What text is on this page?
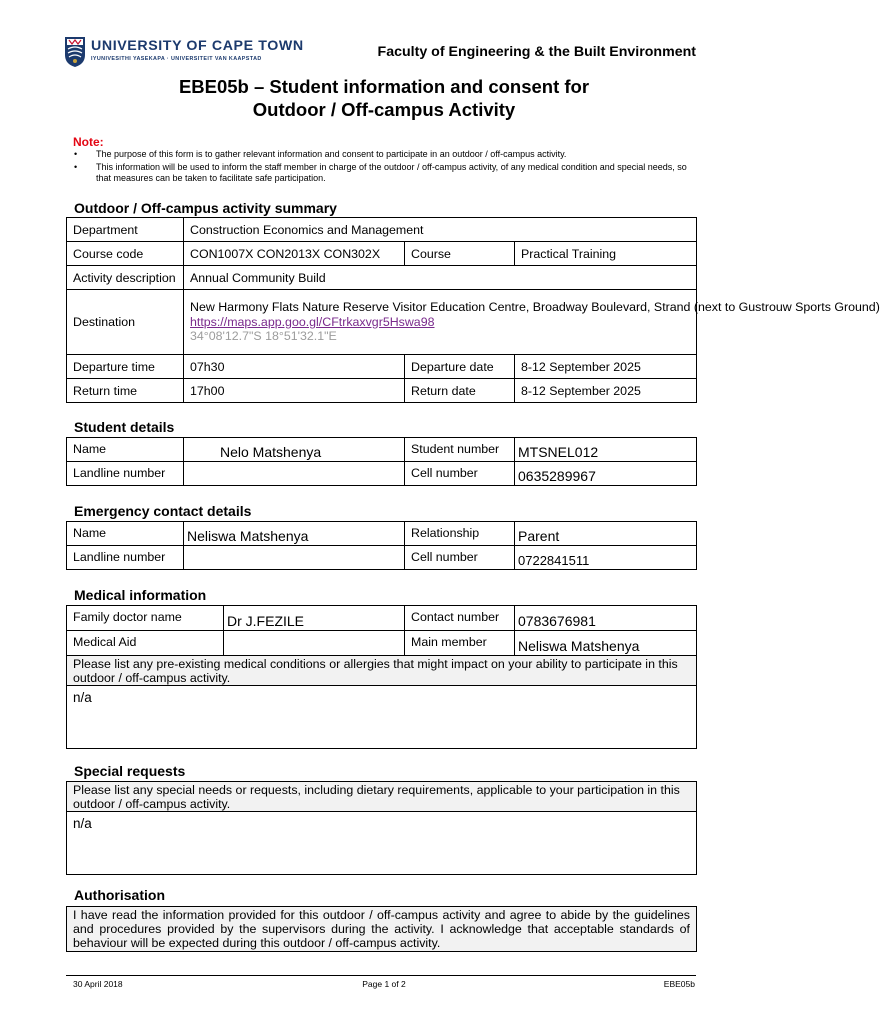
UNIVERSITY OF CAPE TOWN
IYUNIVESITHI YASEKAPA · UNIVERSITEIT VAN KAAPSTAD	Faculty of Engineering & the Built Environment
EBE05b – Student information and consent for
Outdoor / Off-campus Activity
Note:
• The purpose of this form is to gather relevant information and consent to participate in an outdoor / off-campus activity.
• This information will be used to inform the staff member in charge of the outdoor / off-campus activity, of any medical condition and special needs, so that measures can be taken to facilitate safe participation.
Outdoor / Off-campus activity summary
Department	Construction Economics and Management		
Course code	CON1007X CON2013X CON302X	Course	Practical Training
Activity description	Annual Community Build		
Destination	New Harmony Flats Nature Reserve Visitor Education Centre, Broadway Boulevard, Strand (next to Gustrouw Sports Ground)
https://maps.app.goo.gl/CFtrkaxvgr5Hswa98
34°08'12.7"S 18°51'32.1"E		

Departure time	07h30	Departure date	8-12 September 2025
Return time	17h00	Return date	8-12 September 2025
Student details
Name	Nelo Matshenya	Student number	MTSNEL012
Landline number		Cell number	0635289967
Emergency contact details
Name	Neliswa Matshenya	Relationship	Parent
Landline number		Cell number	0722841511
Medical information
Family doctor name	Dr J.FEZILE	Contact number	0783676981
Medical Aid		Main member	Neliswa Matshenya
Please list any pre-existing medical conditions or allergies that might impact on your ability to participate in this outdoor / off-campus activity.			
n/a			
Special requests
Please list any special needs or requests, including dietary requirements, applicable to your participation in this outdoor / off-campus activity.
n/a
Authorisation
I have read the information provided for this outdoor / off-campus activity and agree to abide by the guidelines and procedures provided by the supervisors during the activity. I acknowledge that acceptable standards of behaviour will be expected during this outdoor / off-campus activity.
30 April 2018	Page 1 of 2	EBE05b
